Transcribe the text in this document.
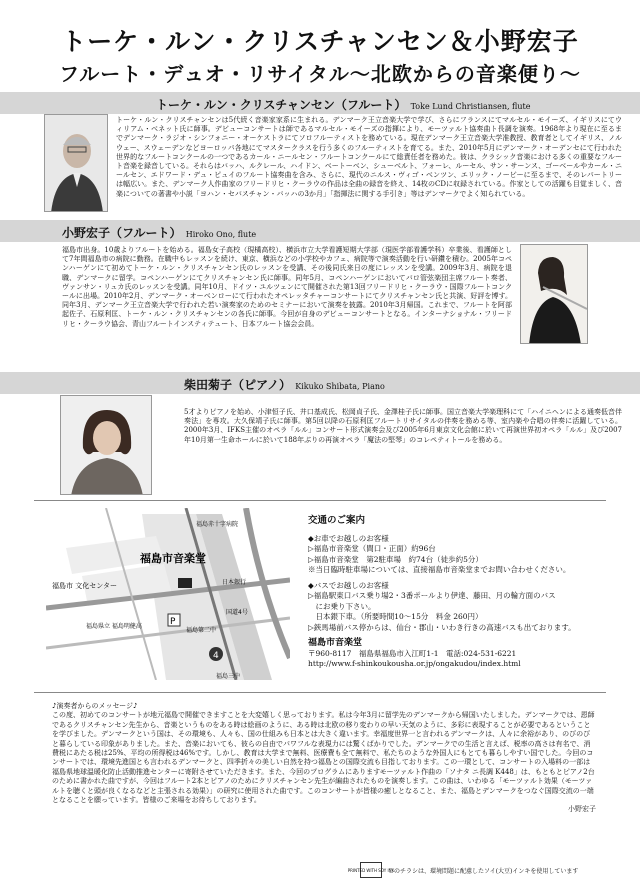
トーケ・ルン・クリスチャンセン＆小野宏子
フルート・デュオ・リサイタル～北欧からの音楽便り～
トーケ・ルン・クリスチャンセン（フルート） Toke Lund Christiansen, flute
トーケ・ルン・クリスチャンセンは5代続く音楽家家系に生まれる。デンマーク王立音楽大学で学び、さらにフランスにてマルセル・モイーズ、イギリスにてウィリアム・ベネット氏に師事。デビューコンサートは師であるマルセル・モイーズの指揮により、モーツァルト協奏曲ト長調を演奏。1968年より現在に至るまでデンマーク・ラジオ・シンフォニー・オーケストラにてソロフルーティストを務めている。現在デンマーク王立音楽大学准教授、教育者としてイギリス、ノルウェー、スウェーデンなどヨーロッパ各地にてマスタークラスを行う多くのフルーティストを育てる。また、2010年5月にデンマーク・オーデンセにて行われた世界的なフルートコンクールの一つであるカール・ニールセン・フルートコンクールにて総責任者を務めた。彼は、クラシック音楽における多くの重要なフルート音楽を録音している。それらはバッハ、ルクレール、ハイドン、ベートーベン、シューベルト、フォーレ、ルーセル、サン・サーンス、ゴーベールやカール・ニールセン、エドワード・デュ・ピュイのフルート協奏曲を含み、さらに、現代のニルス・ヴィゴ・ベンツン、エリック・ノービーに至るまで、そのレパートリーは幅広い。また、デンマーク人作曲家のフリードリヒ・クーラウの作品は全曲の録音を終え、14枚のCDに収録されている。作家としての活躍も目覚ましく、音楽についての著書や小説「ヨハン・セバスチャン・バッハの3か月」「指揮法に関する手引き」等はデンマークでよく知られている。
小野宏子（フルート） Hiroko Ono, flute
福島市出身。10歳よりフルートを始める。福島女子高校（現橘高校）、横浜市立大学看護短期大学部（現医学部看護学科）卒業後、看護師として7年間福島市の病院に勤務。在職中もレッスンを続け、東京、横浜などの小学校やカフェ、病院等で演奏活動を行い研鑽を積む。2005年コペンハーゲンにて初めてトーケ・ルン・クリスチャンセン氏のレッスンを受講、その後同氏来日の度にレッスンを受講。2009年3月、病院を退職、デンマークに留学。コペンハーゲンにてクリスチャンセン氏に師事。同年5月、コペンハーゲンにおいてバロ管弦楽団主席フルート奏者、ヴァンサン・リュカ氏のレッスンを受講。同年10月、ドイツ・ユルツェンにて開催された第13回フリードリヒ・クーラウ・国際フルートコンクールに出場。2010年2月、デンマーク・オーベンローにて行われたオペレッタチャーコンサートにてクリスチャンセン氏と共演、好評を博す。同年3月、デンマーク王立音楽大学で行われた若い演奏家のためのセミナーにおいて演奏を披露。2010年3月帰国。これまで、フルートを阿部起佐子、石原利匡、トーケ・ルン・クリスチャンセンの各氏に師事。今回が自身のデビューコンサートとなる。インターナショナル・フリードリヒ・クーラウ協会、青山フルートインスティテュート、日本フルート協会会員。
柴田菊子（ピアノ） Kikuko Shibata, Piano
5才よりピアノを始め、小津恒子氏、井口基成氏、松岡貞子氏、金澤桂子氏に師事。国立音楽大学楽理科にて「ハイニヘンによる通奏低音伴奏法」を専攻。大久保靖子氏に師事。第5回以降の石原利匡フルートリサイタルの伴奏を務める等、室内楽や合唱の伴奏に活躍している。2000年3月、IFKS主催のオペラ「ルル」コンサート形式演奏会及び2005年6月東京文化会館に於いて再演世界初オペラ「ルル」及び2007年10月第一生命ホールに於いて188年ぶりの再演オペラ「魔法の堅琴」のコレペティトールを務める。
P
4
福島市音楽堂
福島市 文化センター
福島赤十字病院
福島県立 福島明健高
福島第二中
福島三中
日本銀行
国道4号
交通のご案内
◆お車でお越しのお客様
▷福島市音楽堂（間口・正面）約96台
▷福島市音楽堂　第2駐車場　約74台（徒歩約5分）
※当日臨時駐車場については、直接福島市音楽堂までお問い合わせください。
◆バスでお越しのお客様
▷福島駅東口バス乗り場2・3番ポールより伊達、藤田、月の輪方面のバス
　にお乗り下さい。
　日本銀下車。（所要時間10～15分　料金 260円）
▷鋏馬場前バス停からは、仙台・郡山・いわき行きの高速バスも出ております。
福島市音楽堂
〒960-8117　福島県福島市入江町1-1　電話:024-531-6221
http://www.f-shinkoukousha.or.jp/ongakudou/index.html
♪演奏者からのメッセージ♪
この度、初めてのコンサートが地元福島で開催できますことを大変嬉しく思っております。私は今年3月に留学先のデンマークから帰国いたしました。デンマークでは、恩師であるクリスチャンセン先生から、音楽というものをある時は絵画のように、ある時は北欧の移り変わりの早い天気のように、多彩に表現することが必要であるということを学びました。デンマークという国は、その環境も、人々も、国の仕組みも日本とは大きく違います。幸福度世界一と言われるデンマークは、人々に余裕があり、のびのびと暮らしている印象がありました。また、音楽においても、彼らの自由でパワフルな表現力には驚くばかりでした。デンマークでの生活と言えば、税率の高さは有名で、消費税にあたる税は25%、平均の所得税は46%です。しかし、教育は大学まで無料、医療費も全て無料で、私たちのような外国人にもとても暮らしやすい国でした。今回のコンサートでは、環境先進国とも言われるデンマークと、四季折々の美しい自然を持つ福島との国際交流も目指しております。この一環として、コンサートの入場料の一部は福島県地球温暖化防止活動推進センターに寄附させていただきます。また、今回のプログラムにありますモーツァルト作曲の「ソナタ ニ長調 K448」は、もともとピアノ2台のために書かれた曲ですが、今回はフルート2本とピアノのためにクリスチャンセン先生が編曲されたものを演奏します。この曲は、いわゆる「モーツァルト効果（モーツァルトを聴くと頭が良くなるなどと主張される効果）」の研究に使用された曲です。このコンサートが皆様の癒しとなること、また、福島とデンマークをつなぐ国際交流の一端となることを願っています。皆様のご来場をお待ちしております。
小野宏子
PRINTED WITH SOY INK
このチラシは、環境問題に配慮したソイ(大豆)インキを使用しています
